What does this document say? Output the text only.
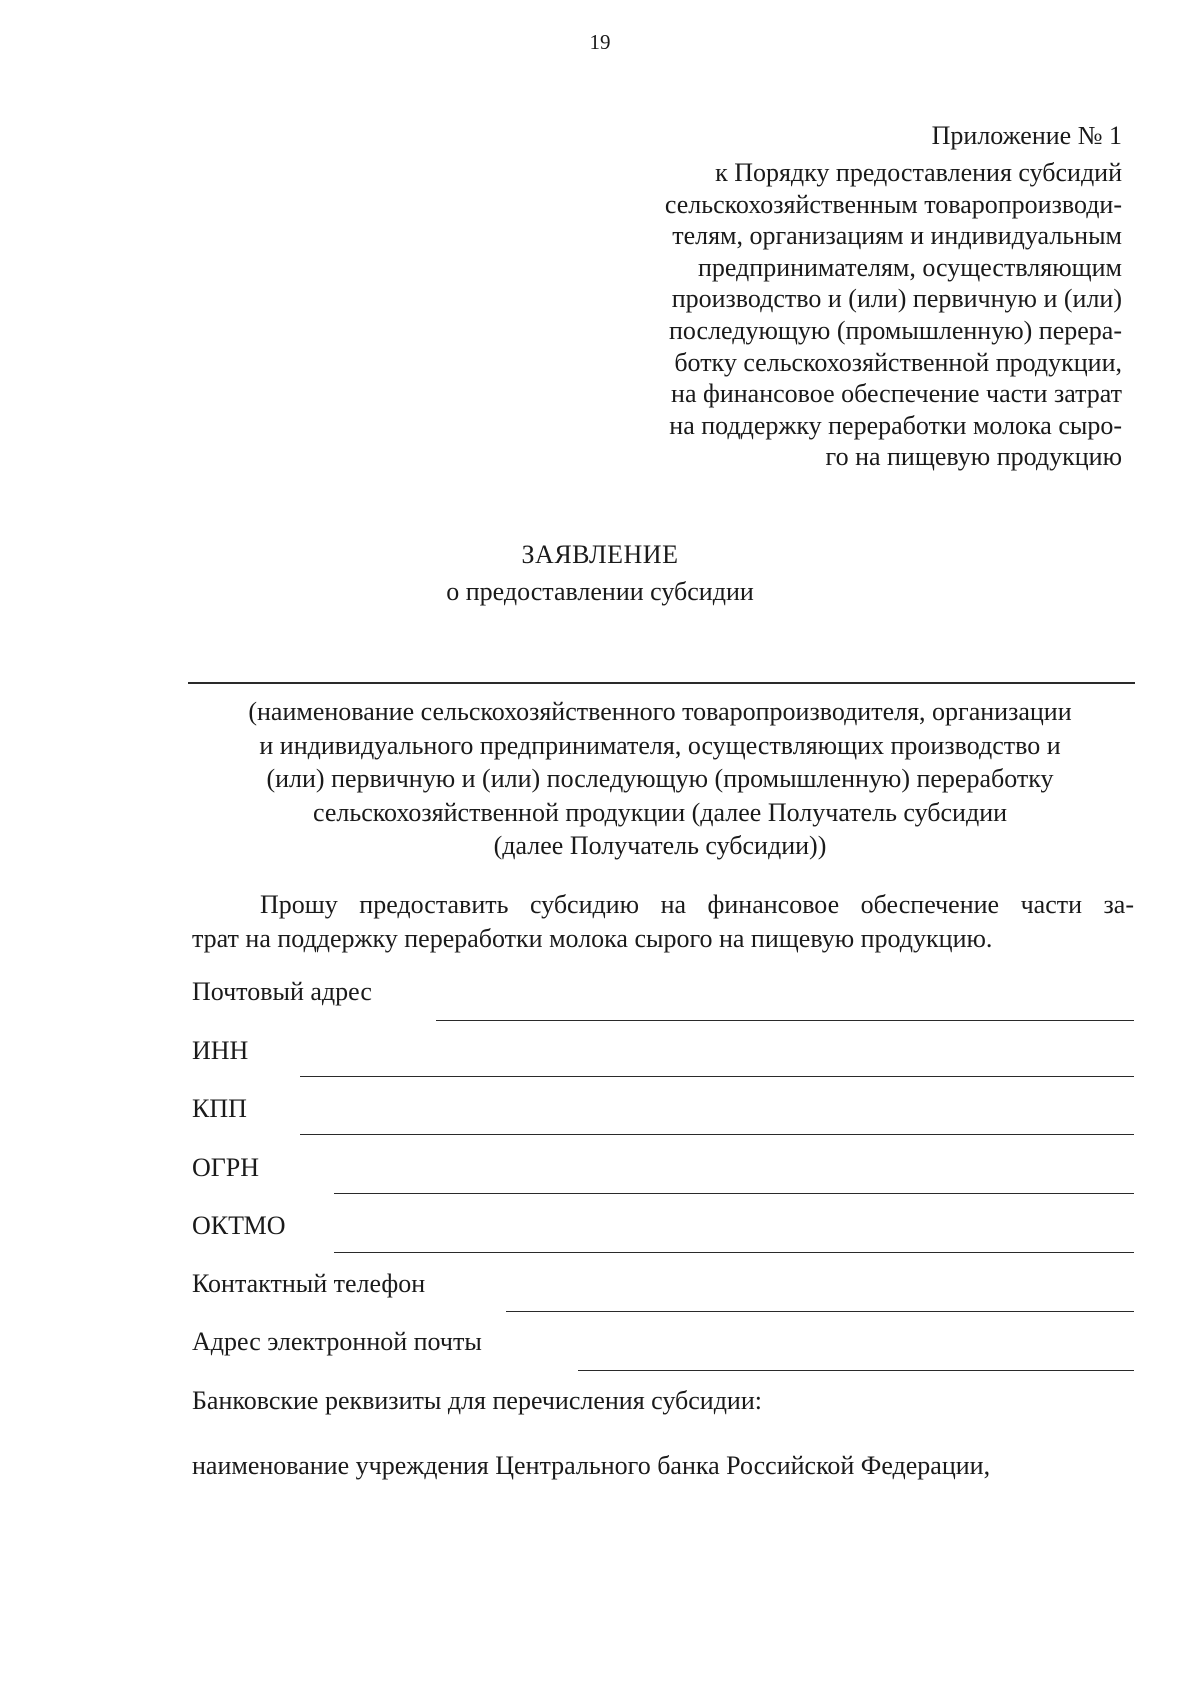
19
Приложение № 1
к Порядку предоставления субсидий
сельскохозяйственным товаропроизводи-
телям, организациям и индивидуальным
предпринимателям, осуществляющим
производство и (или) первичную и (или)
последующую (промышленную) перера-
ботку сельскохозяйственной продукции,
на финансовое обеспечение части затрат
на поддержку переработки молока сыро-
го на пищевую продукцию
ЗАЯВЛЕНИЕ
о предоставлении субсидии
(наименование сельскохозяйственного товаропроизводителя, организации
и индивидуального предпринимателя, осуществляющих производство и
(или) первичную и (или) последующую (промышленную) переработку
сельскохозяйственной продукции (далее Получатель субсидии
(далее Получатель субсидии))
Прошу предоставить субсидию на финансовое обеспечение части за-
трат на поддержку переработки молока сырого на пищевую продукцию.
Почтовый адрес
ИНН
КПП
ОГРН
ОКТМО
Контактный телефон
Адрес электронной почты
Банковские реквизиты для перечисления субсидии:
наименование учреждения Центрального банка Российской Федерации,
